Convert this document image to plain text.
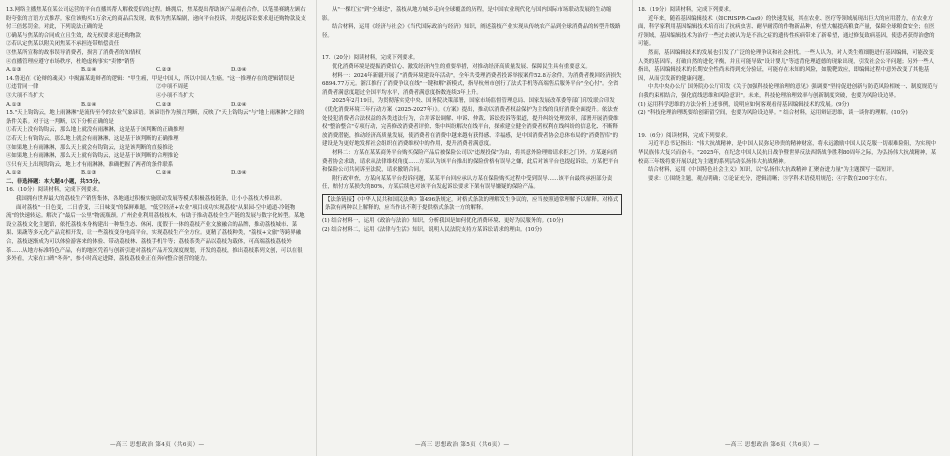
13.网络主播焦某在某公司运营的平台直播其帮人解救爱侣的过程。蜂拥后，焦某提出帮助该产品观看合作，以笔墨赛跳左顾右盼夸张的言语方式推荐。家住该购买1万余元的商品后发现，故事为焦某编剧，递向平台投诉，并提起诉讼要求退还购物款及支付三倍惩罚金。对此，下列说法正确的是

①确某与焦某的合同成立且生效，故无权要求退还购物款

②若认定焦某以附关闭焦某不承担连带赔偿责任

③焦某所宣称的故事误导消费者，损害了消费者的知情权

④直播管理应遵守市场秩序，杜绝虚构事实"卖惨"销售

A.①③	B.①④	C.②③	D.③④

14.鲁迅在《论辩的魂灵》中揭露某诡辩者的逻辑："甲生癌，甲是中国人，所以中国人生癌。"这一推理存在的逻辑错误是

①违背同一律	②中项不周延
③大项不当扩大	④小项不当扩大
A.①③	B.①④	C.②③	D.②④

15."天上钩钩云，地上雨淋淋"是流传至今的农业气象谚语。该谚语作为预言判断，反映了"天上钩钩云"与"地上雨淋淋"之间的条件关系。对于这一判断，以下分析正确的是

①若天上没有钩钩云，那么地上就没有雨淋淋，这是基于该判断的正确推理

②若天上有钩钩云，那么地上就会有雨淋淋，这是基于该判断的正确推理

③如果地上有雨淋淋，那么天上就会有钩钩云，这是该判断的直接推论

④如果地上有雨淋淋，那么天上就有钩钩云，这是基于该判断的合理推论

⑤只有天上出现钩钩云，地上才有雨淋淋，准确把握了两者的条件联系

A.①②	B.①③	C.②④	D.③④

二、非选择题：本大题4小题，共55分。

16.（10分）阅读材料，完成下列要求。

我国拥有世界最大的荔枝生产销售集体，各地通过积极实施联动发展等模式积极荔枝链条，让小小荔枝大棒出彩。

面对荔枝"一日色变，二日香变，三日味变"的保鲜难题，"低空经济+农业"项目成功实现荔枝"从果园-空中通道-冷链物流"的快速转运。解决了"最后一公里"物流瓶颈。广州企业利用荔枝枝木，有助于推动荔枝全生产链的发展与数字化转型。某地设立荔枝文化主题馆，依托荔枝本身构建出一种集生态、休闲、度假于一体的荔枝产业文旅融合的品牌，推动荔枝城市、菜果、果蔬等多元化产品竞相开发，让一些荔枝变身电商平台，实现荔枝生产全方位。更精了荔枝种类，"荔枝+文旅"等跨界融合，荔枝逐渐成为可以体验游客来的体验、带动荔枝林、荔枝手机牛等；荔枝茶类产品以荔枝为载体，可高端荔枝荔枝外茶……从地方标准特色产品，有的地区凭着与创新引进对荔枝产品开发深度规划，开发的荔枝，推出荔枝系列文创，可以在很多外看，大家在口碑"冬奔"，参小时高定进降，荔枝荔枝业正在奔向整合创营的能力。

从"一棵红宝"到"全球送"，荔枝从地方城乡走向全球覆盖的历程，是中国农业现代化与国内国际市场联动发展的生动缩影。

结合材料，运用《经济与社会》《当代国际政治与经济》知识，阐述荔枝产业实现从传统农产品到全球消费品的转型升级路径。

17.（20分）阅读材料，完成下列要求。

优化消费环境是提振消费信心、激发经济内生的重要举措，对推动经济高质量发展、保障民生具有重要意义。

材料一：2024年新疆开展了"消费环境建设年活动"，全年共受理消费者投诉举报案件52.8万余件，为消费者挽回经济损失6894.77万元。浙江推行了消费争议在线"一键和解"新模式，指导杭州市创行了法式手机等高端售后服务平台"全心付"。全省消费者满意度超过全国平均水平，消费者满意度指数连续3年上升。

2025年2月19日，为贯彻落实党中央、国务院决策部署，国家市场监督管理总局、国家发展改革委等部门印发联合印发《优化消费环境三年行动方案（2025-2027年）》。《方案》提出，推动以消费者权益保护为主线的良好消费全面提升。依法查处侵犯消费者合法权益的各类违法行为，合并诉讼调解、申诉、仲裁、诉讼投诉等渠道，提升纠纷处理效率，部署开展消费维权"整治整合"专项行动，完善修改消费者评价、集中纠纷解决在线平台，探索建立健全消费者权利在线纠纷的信息化、不断释放消费潜能，推动经济高质量发展，使消费者在消费中越来越有获得感、幸福感，是中国消费者协会总体布局的"消费智库"的建设是为更好地发挥社会组织在消费维权中的作用，提升消费者满意度。

材料二：方某在某某商务平台购买保险产品后被保险公司以"违规投保"为由，将其意外险理赔请求拒之门外。方某遂向消费者协会求助，请求从法律维权角度……方某认为该平台推出的保险价格有误导之嫌，此后对该平台也提起诉讼，方某把平台和保险公司共同诉至法院，请求撤销合同。

附行政审查，方某向某某平台投诉问题，某某平台回应承认方某在保险购买过程中受到误导……该平台最终承担部分责任，赔付方某损失的80%，方某后续也对该平台发起诉讼要求下架有误导嫌疑的保险产品。

【法条链接】《中华人民共和国民法典》第496条规定，对格式条款的理解发生争议的，应当按照通常理解予以解释。对格式条款有两种以上解释的，应当作出不利于提供格式条款一方的解释。

(1) 结合材料一，运用《政治与法治》知识，分析我国是如何优化消费环境、更好为民服务的。(10分)

(2) 结合材料二，运用《法律与生活》知识，说明人民法院支持方某诉讼请求的理由。(10分)

18.（19分）阅读材料，完成下列要求。

近年来，随着基因编辑技术（如CRISPR-Cas9）的快速发展，其在农业、医疗等领域展现出巨大的应用潜力，在农业方面，科学家利用基因编辑技术培育出了抗病虫害、耐旱耐涝的作物新品种，有望大幅提高粮食产量，保障全球粮食安全；在医疗领域，基因编辑技术为治疗一些过去被认为是不治之症的遗传性疾病带来了新希望，通过修复致病基因，使患者获得治愈的可能。

然而，基因编辑技术的发展也引发了广泛的伦理争议和社会担忧。一些人认为，对人类生殖细胞进行基因编辑，可能改变人类的基因库，打破自然的进化平衡，并且可能导致"设计婴儿"等违背伦理道德的现象出现，引发社会公平问题；另外一些人指出，基因编辑技术的长期安全性尚未得到充分验证，可能存在未知的风险，如脱靶效应，即编辑过程中意外改变了其他基因，从而引发新的健康问题。

中共中央办公厅 国务院办公厅印发《关于加强科技伦理治理的意见》强调要"坚持促进创新与防范风险相统一、制度规范与自我约束相结合，强化底线思维和风险意识"。未来，科技伦理治理效率与创新制度突破，也要为风险设边界。

(1) 运用科学思维的方法分析上述事例，说明应如何客观看待基因编辑技术的发展。(9分)

(2) "科技伦理治理既要给创新留空间，也要为风险设边界。" 结合材料，运用辩证思维，谈一谈你的理解。(10分)

19.（6分）阅读材料，完成下列要求。

习近平总书记指出："伟大抗战精神，是中国人民弥足珍贵的精神财富，将永远激励中国人民克服一切艰难险阻，为实现中华民族伟大复兴而奋斗。"2025年，在纪念中国人民抗日战争暨世界反法西斯战争胜利80周年之际，为弘扬伟大抗战精神，某校高三年级将要开展以此为主题的系列活动弘扬伟大抗战精神。

结合材料，运用《中国特色社会主义》知识，以"弘扬伟大抗战精神 汇聚奋进力量"为主题撰写一篇短评。

要求：①围绕主题，观点明确；②论证充分，逻辑清晰；③学科术语使用规范；④字数在200字左右。

—高三 思想政治 第4页（共6页）—	—高三 思想政治 第5页（共6页）—	—高三 思想政治 第6页（共6页）—
